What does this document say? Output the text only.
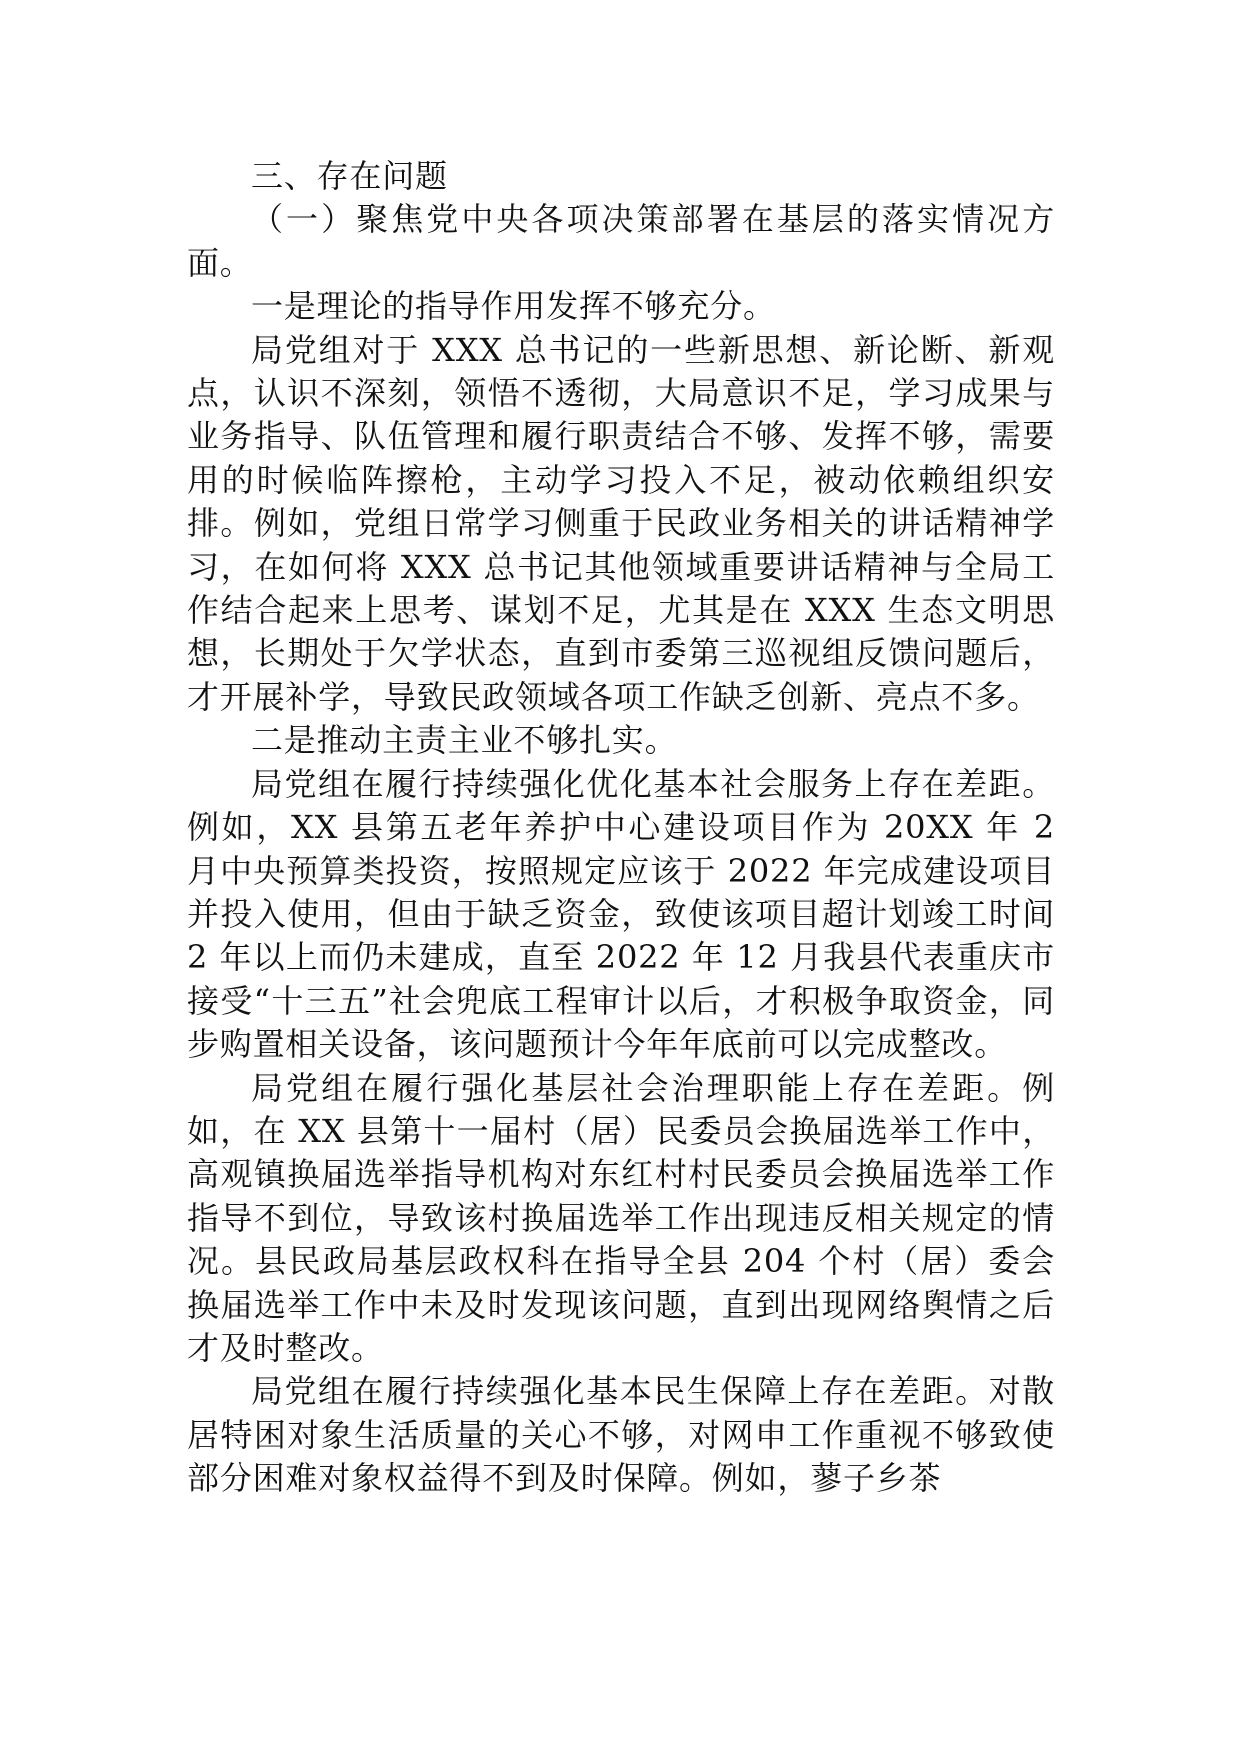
三、存在问题

（一）聚焦党中央各项决策部署在基层的落实情况方面。

一是理论的指导作用发挥不够充分。

局党组对于 XXX 总书记的一些新思想、新论断、新观点，认识不深刻，领悟不透彻，大局意识不足，学习成果与业务指导、队伍管理和履行职责结合不够、发挥不够，需要用的时候临阵擦枪，主动学习投入不足，被动依赖组织安排。例如，党组日常学习侧重于民政业务相关的讲话精神学习，在如何将 XXX 总书记其他领域重要讲话精神与全局工作结合起来上思考、谋划不足，尤其是在 XXX 生态文明思想，长期处于欠学状态，直到市委第三巡视组反馈问题后，才开展补学，导致民政领域各项工作缺乏创新、亮点不多。

二是推动主责主业不够扎实。

局党组在履行持续强化优化基本社会服务上存在差距。例如，XX 县第五老年养护中心建设项目作为 20XX 年 2 月中央预算类投资，按照规定应该于 2022 年完成建设项目并投入使用，但由于缺乏资金，致使该项目超计划竣工时间 2 年以上而仍未建成，直至 2022 年 12 月我县代表重庆市接受“十三五”社会兜底工程审计以后，才积极争取资金，同步购置相关设备，该问题预计今年年底前可以完成整改。

局党组在履行强化基层社会治理职能上存在差距。例如，在 XX 县第十一届村（居）民委员会换届选举工作中，高观镇换届选举指导机构对东红村村民委员会换届选举工作指导不到位，导致该村换届选举工作出现违反相关规定的情况。县民政局基层政权科在指导全县 204 个村（居）委会换届选举工作中未及时发现该问题，直到出现网络舆情之后才及时整改。

局党组在履行持续强化基本民生保障上存在差距。对散居特困对象生活质量的关心不够，对网申工作重视不够致使部分困难对象权益得不到及时保障。例如，蓼子乡茶
